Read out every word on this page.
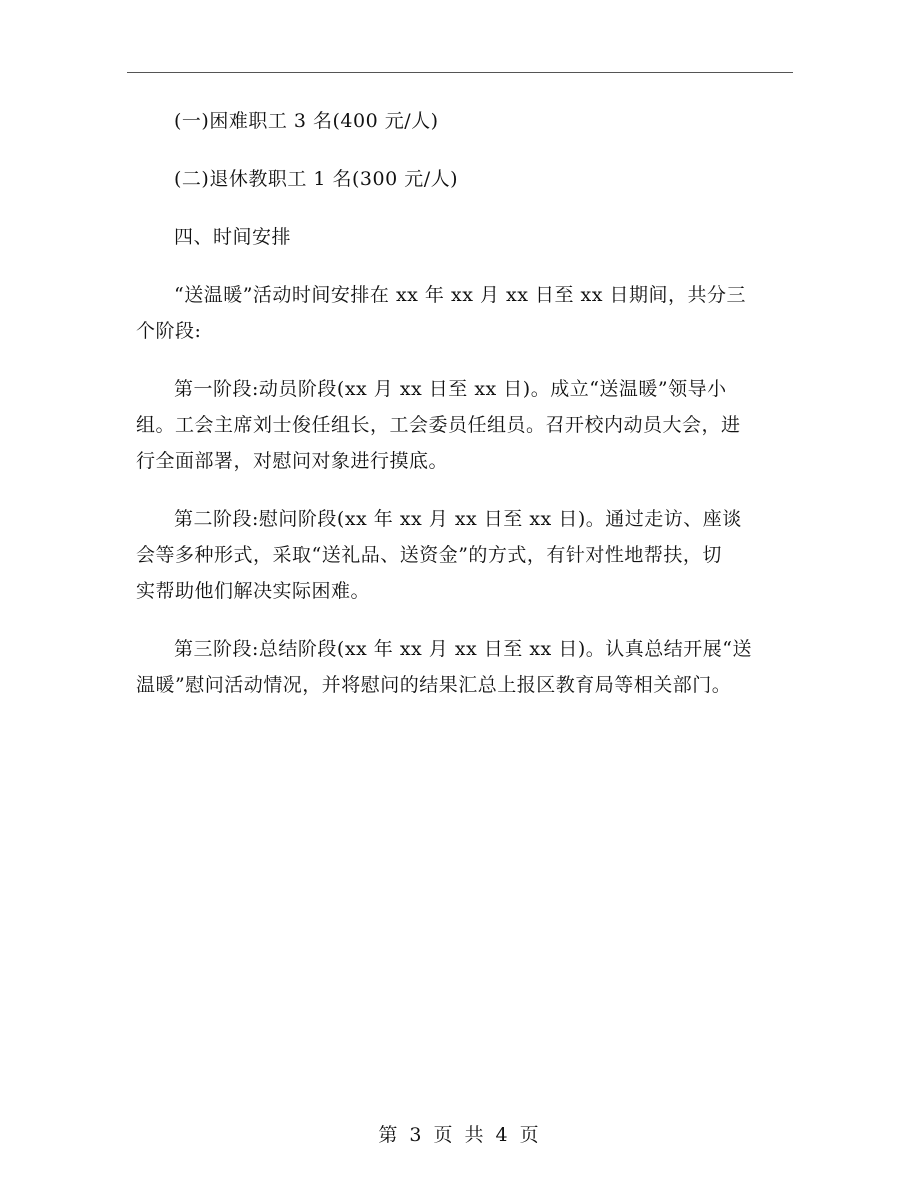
(一)困难职工 3 名(400 元/人)

(二)退休教职工 1 名(300 元/人)

四、时间安排

“送温暖”活动时间安排在 xx 年 xx 月 xx 日至 xx 日期间，共分三
个阶段:

第一阶段:动员阶段(xx 月 xx 日至 xx 日)。成立“送温暖”领导小
组。工会主席刘士俊任组长，工会委员任组员。召开校内动员大会，进
行全面部署，对慰问对象进行摸底。

第二阶段:慰问阶段(xx 年 xx 月 xx 日至 xx 日)。通过走访、座谈
会等多种形式，采取“送礼品、送资金”的方式，有针对性地帮扶，切
实帮助他们解决实际困难。

第三阶段:总结阶段(xx 年 xx 月 xx 日至 xx 日)。认真总结开展“送
温暖”慰问活动情况，并将慰问的结果汇总上报区教育局等相关部门。

第 3 页 共 4 页
